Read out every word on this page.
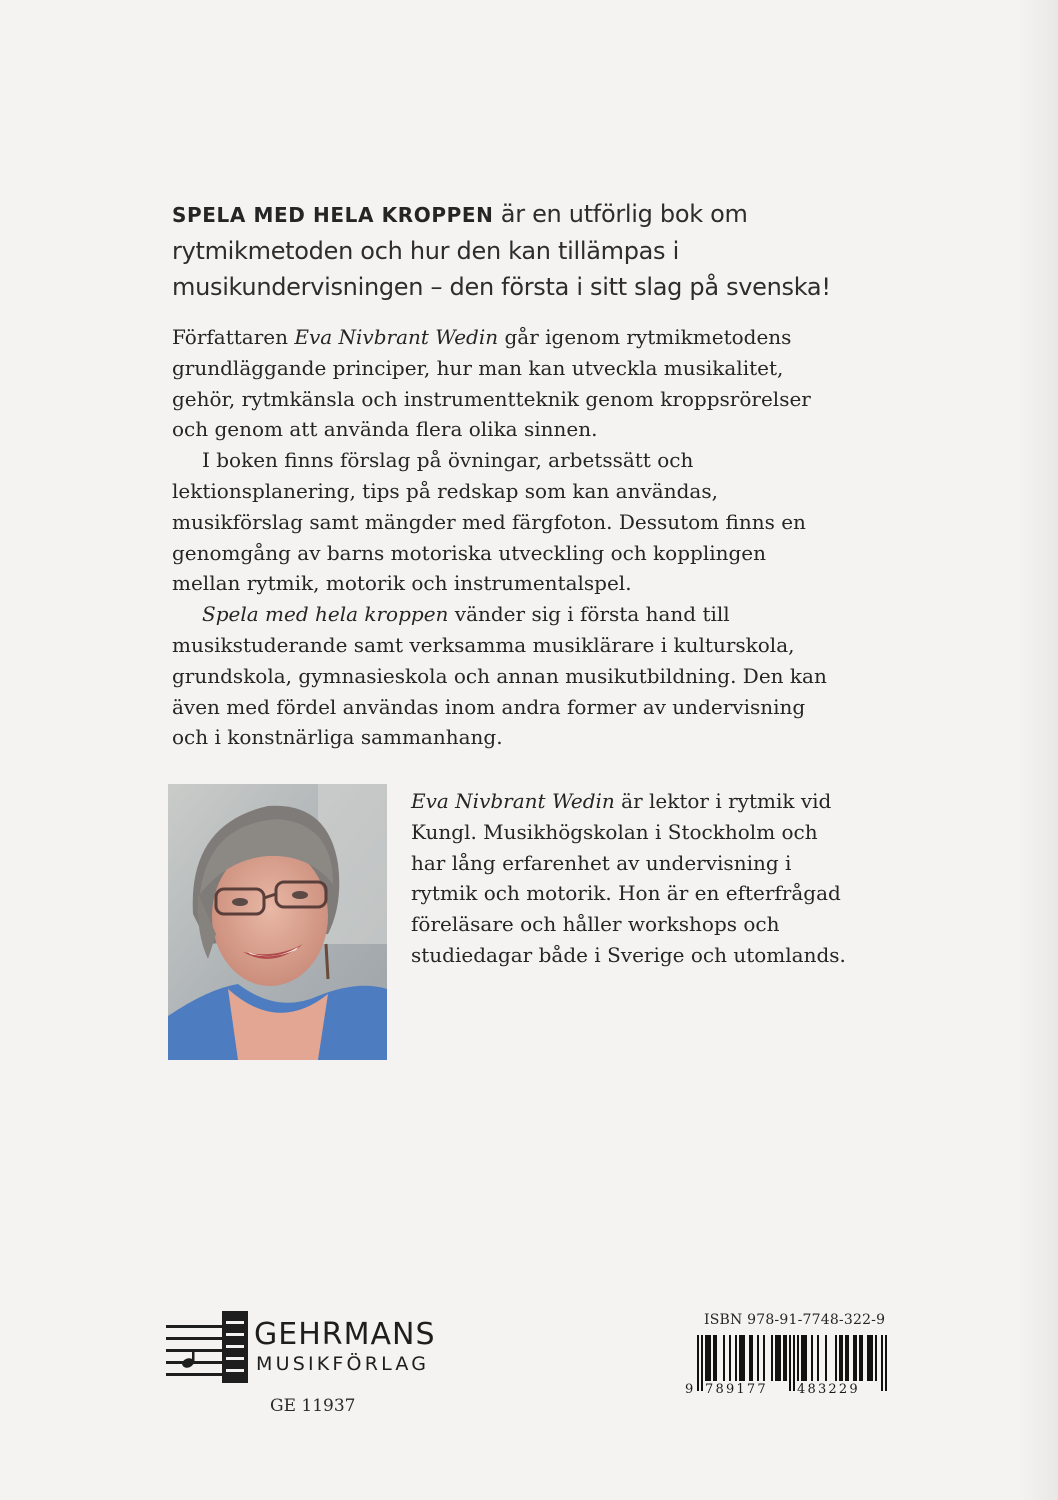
SPELA MED HELA KROPPEN är en utförlig bok om rytmikmetoden och hur den kan tillämpas i musikundervisningen – den första i sitt slag på svenska!

Författaren Eva Nivbrant Wedin går igenom rytmikmetodens grundläggande principer, hur man kan utveckla musikalitet, gehör, rytmkänsla och instrumentteknik genom kroppsrörelser och genom att använda flera olika sinnen.

I boken finns förslag på övningar, arbetssätt och lektionsplanering, tips på redskap som kan användas, musikförslag samt mängder med färgfoton. Dessutom finns en genomgång av barns motoriska utveckling och kopplingen mellan rytmik, motorik och instrumentalspel.

Spela med hela kroppen vänder sig i första hand till musikstuderande samt verksamma musiklärare i kulturskola, grundskola, gymnasieskola och annan musikutbildning. Den kan även med fördel användas inom andra former av undervisning och i konstnärliga sammanhang.

Eva Nivbrant Wedin är lektor i rytmik vid Kungl. Musikhögskolan i Stockholm och har lång erfarenhet av undervisning i rytmik och motorik. Hon är en efterfrågad föreläsare och håller workshops och studiedagar både i Sverige och utomlands.
GEHRMANS
MUSIKFÖRLAG
GE 11937
ISBN 978-91-7748-322-9
9 789177 483229
